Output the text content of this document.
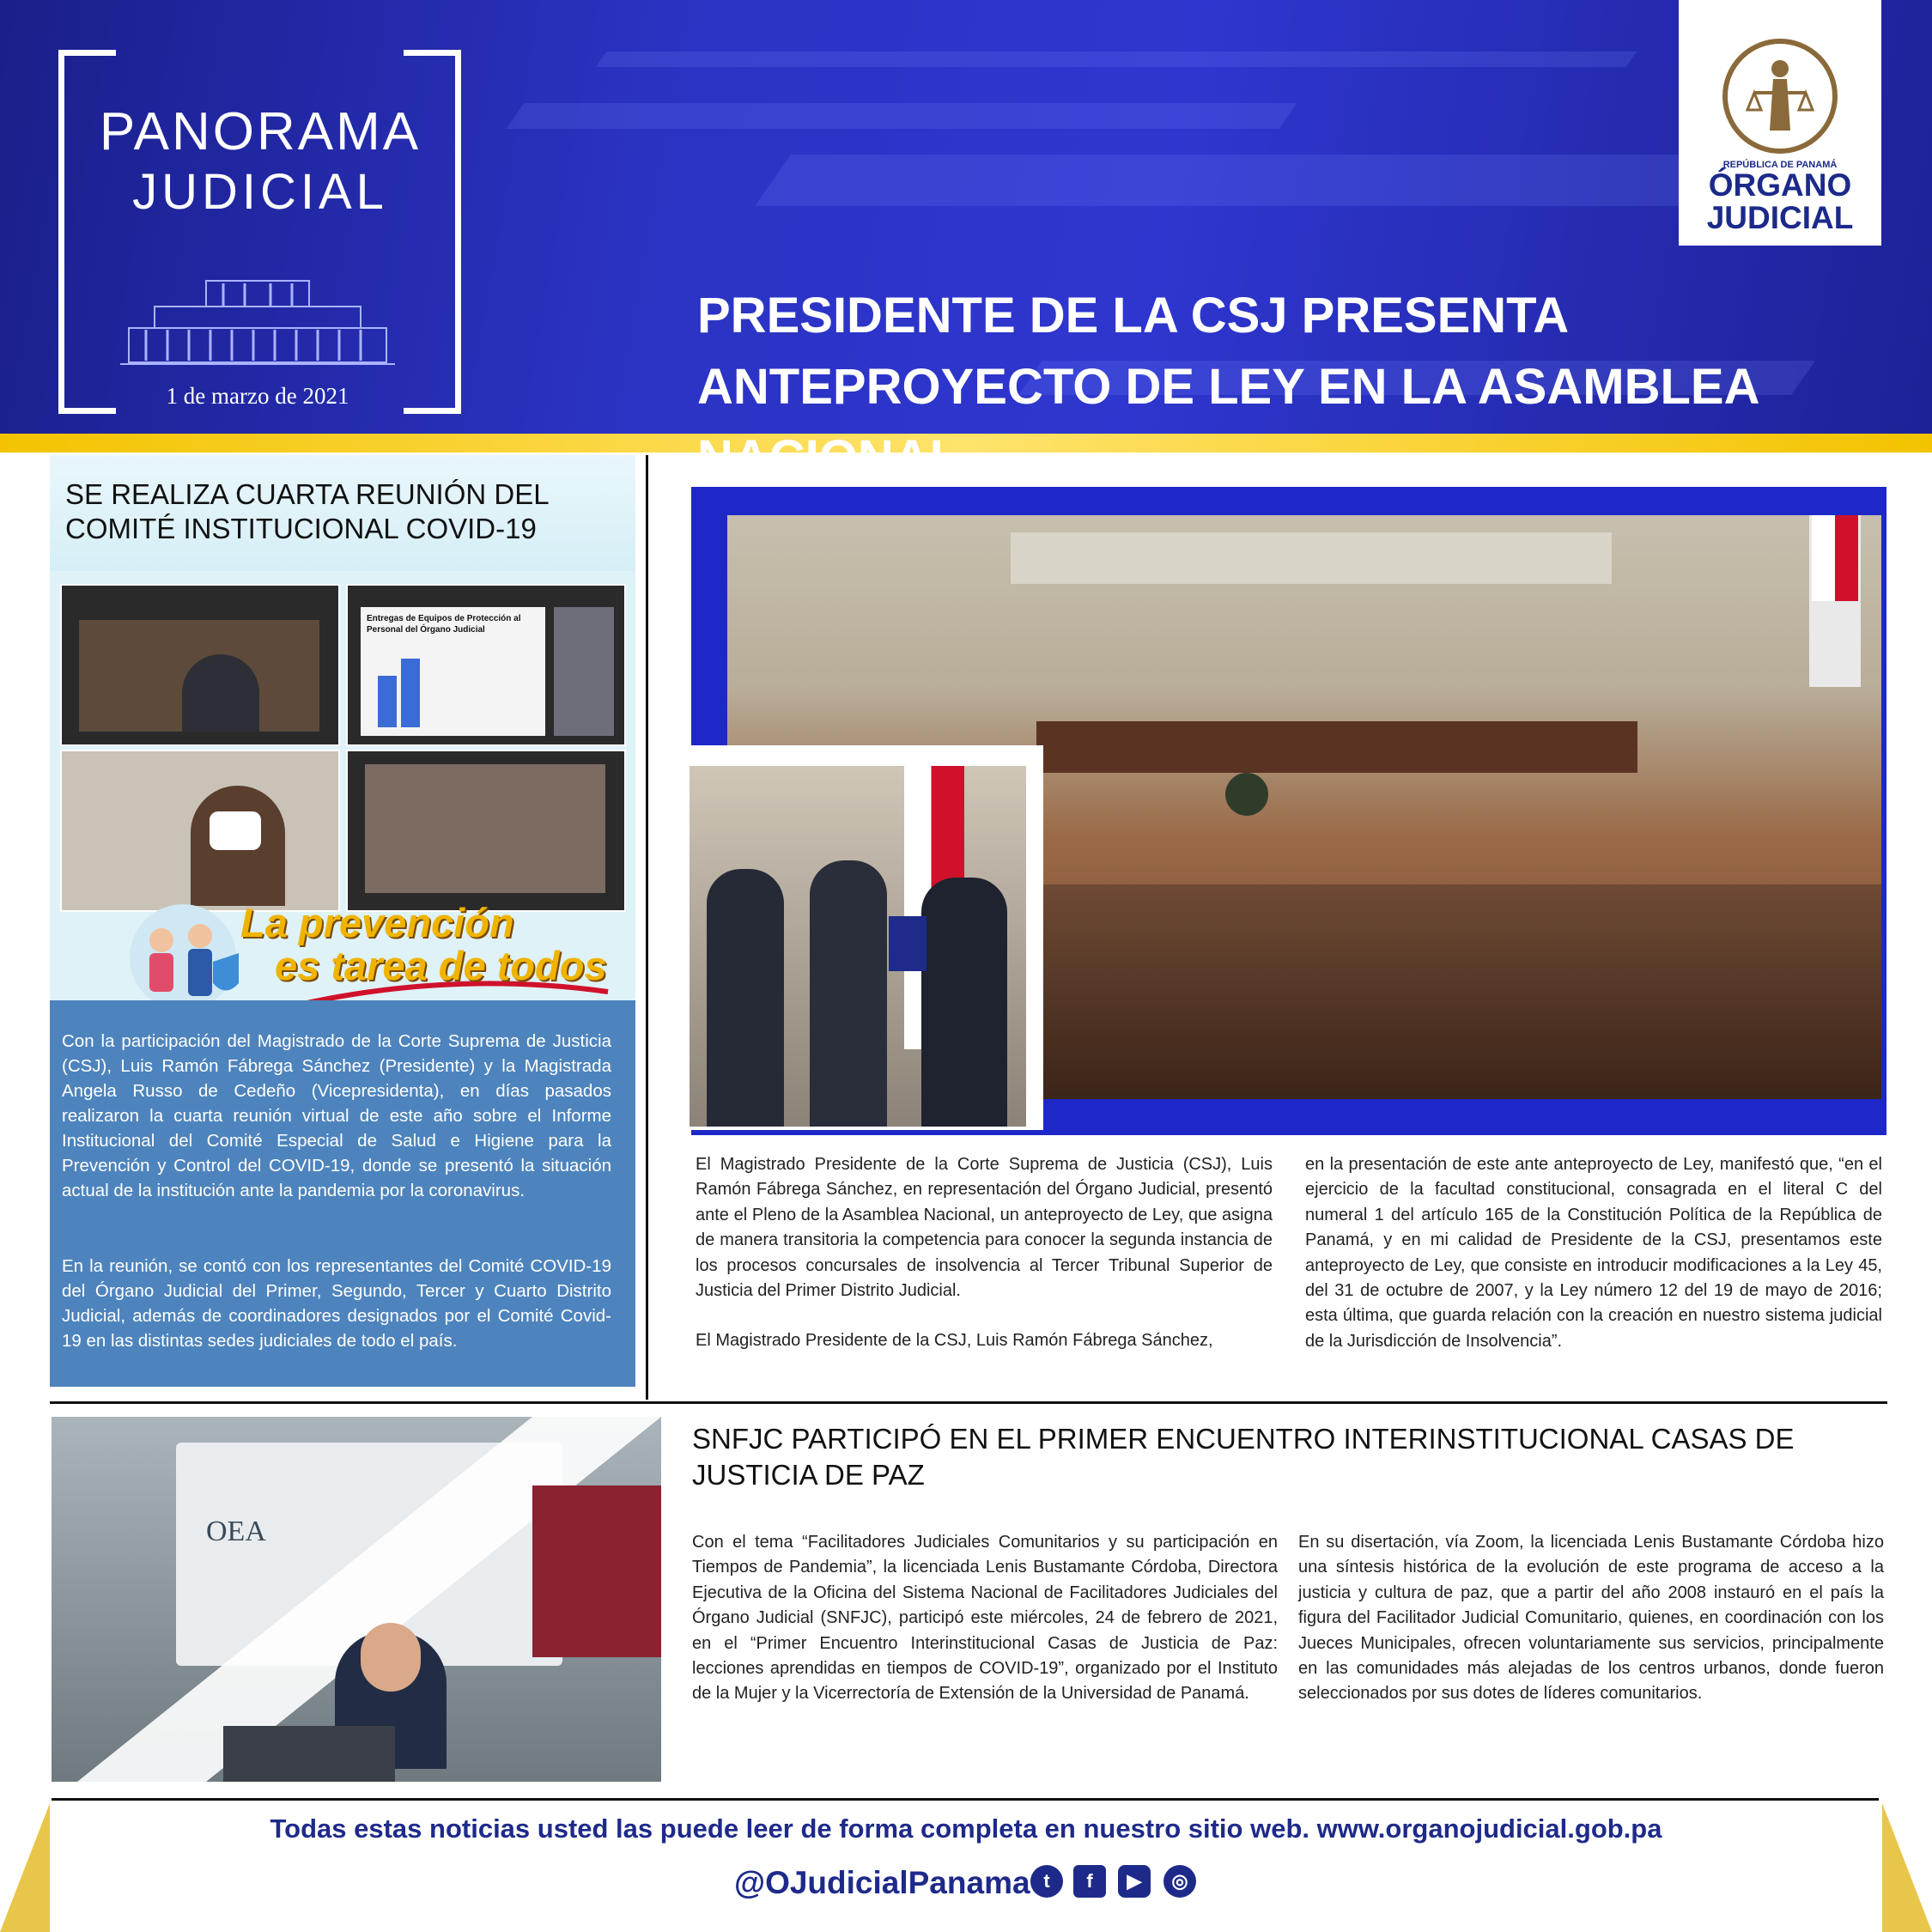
PANORAMA
JUDICIAL
1 de marzo de 2021
REPÚBLICA DE PANAMÁ
ÓRGANO
JUDICIAL
PRESIDENTE DE LA CSJ PRESENTA ANTEPROYECTO DE LEY EN LA ASAMBLEA NACIONAL
SE REALIZA CUARTA REUNIÓN DEL COMITÉ INSTITUCIONAL COVID-19
Entregas de Equipos de Protección al Personal del Órgano Judicial
La prevención
es tarea de todos
Con la participación del Magistrado de la Corte Suprema de Justicia (CSJ), Luis Ramón Fábrega Sánchez (Presidente) y la Magistrada Angela Russo de Cedeño (Vicepresidenta), en días pasados realizaron la cuarta reunión virtual de este año sobre el Informe Institucional del Comité Especial de Salud e Higiene para la Prevención y Control del COVID-19, donde se presentó la situación actual de la institución ante la pandemia por la coronavirus.
En la reunión, se contó con los representantes del Comité COVID-19 del Órgano Judicial del Primer, Segundo, Tercer y Cuarto Distrito Judicial, además de coordinadores designados por el Comité Covid-19 en las distintas sedes judiciales de todo el país.
El Magistrado Presidente de la Corte Suprema de Justicia (CSJ), Luis Ramón Fábrega Sánchez, en representación del Órgano Judicial, presentó ante el Pleno de la Asamblea Nacional, un anteproyecto de Ley, que asigna de manera transitoria la competencia para conocer la segunda instancia de los procesos concursales de insolvencia al Tercer Tribunal Superior de Justicia del Primer Distrito Judicial.
El Magistrado Presidente de la CSJ, Luis Ramón Fábrega Sánchez,
en la presentación de este ante anteproyecto de Ley, manifestó que, “en el ejercicio de la facultad constitucional, consagrada en el literal C del numeral 1 del artículo 165 de la Constitución Política de la República de Panamá, y en mi calidad de Presidente de la CSJ, presentamos este anteproyecto de Ley, que consiste en introducir modificaciones a la Ley 45, del 31 de octubre de 2007, y la Ley número 12 del 19 de mayo de 2016; esta última, que guarda relación con la creación en nuestro sistema judicial de la Jurisdicción de Insolvencia”.
OEA
SNFJC PARTICIPÓ EN EL PRIMER ENCUENTRO INTERINSTITUCIONAL CASAS DE JUSTICIA DE PAZ
Con el tema “Facilitadores Judiciales Comunitarios y su participación en Tiempos de Pandemia”, la licenciada Lenis Bustamante Córdoba, Directora Ejecutiva de la Oficina del Sistema Nacional de Facilitadores Judiciales del Órgano Judicial (SNFJC), participó este miércoles, 24 de febrero de 2021, en el “Primer Encuentro Interinstitucional Casas de Justicia de Paz: lecciones aprendidas en tiempos de COVID-19”, organizado por el Instituto de la Mujer y la Vicerrectoría de Extensión de la Universidad de Panamá.
En su disertación, vía Zoom, la licenciada Lenis Bustamante Córdoba hizo una síntesis histórica de la evolución de este programa de acceso a la justicia y cultura de paz, que a partir del año 2008 instauró en el país la figura del Facilitador Judicial Comunitario, quienes, en coordinación con los Jueces Municipales, ofrecen voluntariamente sus servicios, principalmente en las comunidades más alejadas de los centros urbanos, donde fueron seleccionados por sus dotes de líderes comunitarios.
Todas estas noticias usted las puede leer de forma completa en nuestro sitio web. www.organojudicial.gob.pa
@OJudicialPanama t	f	▶	◎
